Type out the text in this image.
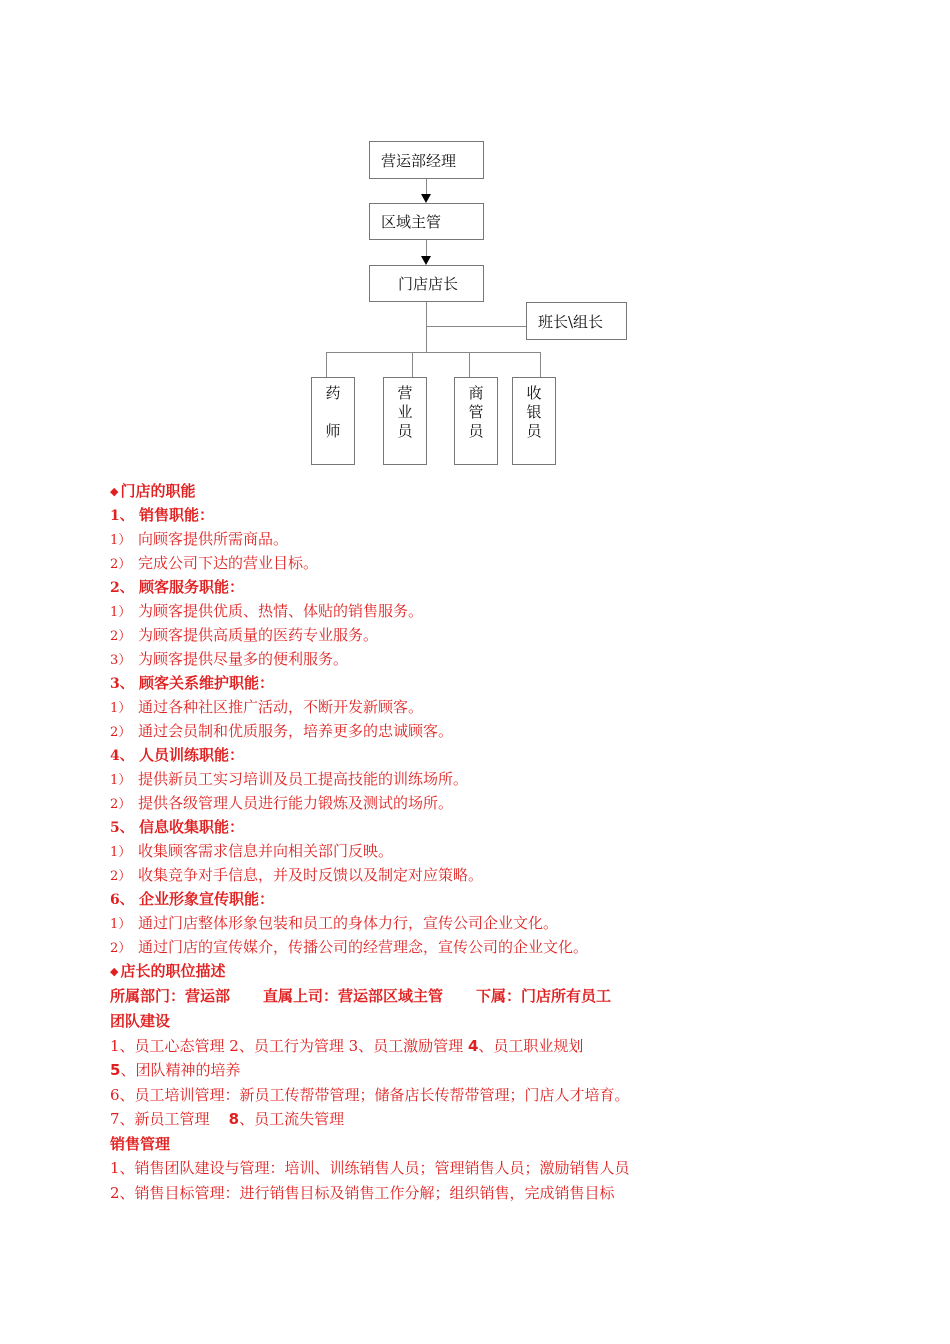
营运部经理
区域主管
门店店长
班长\组长
药
师
营
业
员
商
管
员
收
银
员
◆ 门店的职能
1、 销售职能：
1） 向顾客提供所需商品。
2） 完成公司下达的营业目标。
2、 顾客服务职能：
1） 为顾客提供优质、热情、体贴的销售服务。
2） 为顾客提供高质量的医药专业服务。
3） 为顾客提供尽量多的便利服务。
3、 顾客关系维护职能：
1） 通过各种社区推广活动，不断开发新顾客。
2） 通过会员制和优质服务，培养更多的忠诚顾客。
4、 人员训练职能：
1） 提供新员工实习培训及员工提高技能的训练场所。
2） 提供各级管理人员进行能力锻炼及测试的场所。
5、 信息收集职能：
1） 收集顾客需求信息并向相关部门反映。
2） 收集竞争对手信息，并及时反馈以及制定对应策略。
6、 企业形象宣传职能：
1） 通过门店整体形象包装和员工的身体力行，宣传公司企业文化。
2） 通过门店的宣传媒介，传播公司的经营理念，宣传公司的企业文化。
◆ 店长的职位描述
所属部门：营运部 直属上司：营运部区域主管 下属：门店所有员工
团队建设
1、员工心态管理 2、员工行为管理 3、员工激励管理 4、员工职业规划
5、团队精神的培养
6、员工培训管理：新员工传帮带管理；储备店长传帮带管理；门店人才培育。
7、新员工管理    8、员工流失管理
销售管理
1、销售团队建设与管理：培训、训练销售人员；管理销售人员；激励销售人员
2、销售目标管理：进行销售目标及销售工作分解；组织销售，完成销售目标
